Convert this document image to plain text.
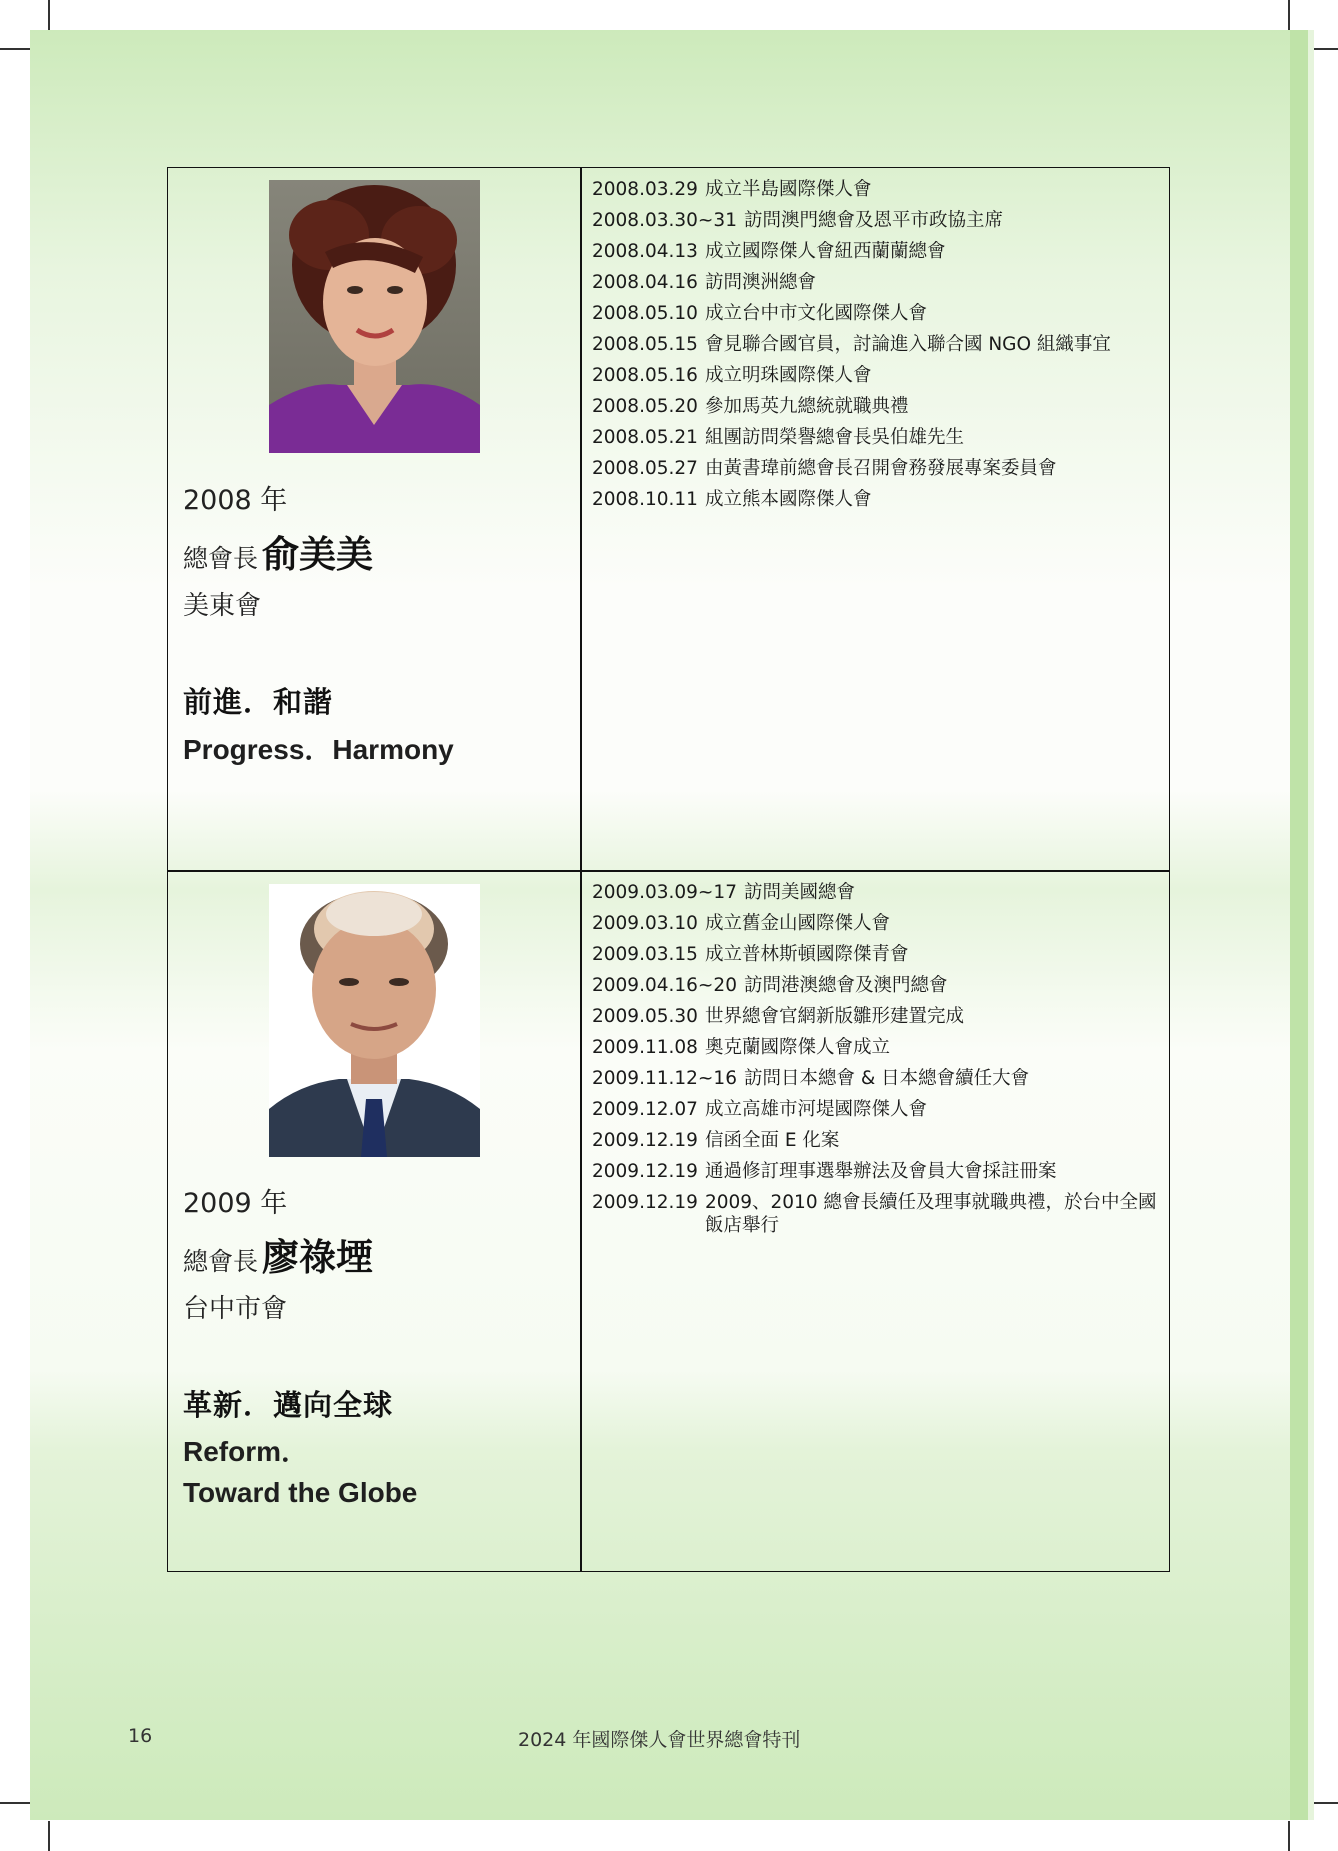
2008 年
總會長 俞美美
美東會
前進．和諧
Progress．Harmony
2008.03.29 成立半島國際傑人會
2008.03.30~31 訪問澳門總會及恩平市政協主席
2008.04.13 成立國際傑人會紐西蘭蘭總會
2008.04.16 訪問澳洲總會
2008.05.10 成立台中市文化國際傑人會
2008.05.15 會見聯合國官員，討論進入聯合國 NGO 組織事宜
2008.05.16 成立明珠國際傑人會
2008.05.20 參加馬英九總統就職典禮
2008.05.21 組團訪問榮譽總會長吳伯雄先生
2008.05.27 由黃書瑋前總會長召開會務發展專案委員會
2008.10.11 成立熊本國際傑人會
2009 年
總會長 廖祿堙
台中市會
革新．邁向全球
Reform．
Toward the Globe
2009.03.09~17 訪問美國總會
2009.03.10 成立舊金山國際傑人會
2009.03.15 成立普林斯頓國際傑青會
2009.04.16~20 訪問港澳總會及澳門總會
2009.05.30 世界總會官網新版雛形建置完成
2009.11.08 奧克蘭國際傑人會成立
2009.11.12~16 訪問日本總會 & 日本總會續任大會
2009.12.07 成立高雄市河堤國際傑人會
2009.12.19 信函全面 E 化案
2009.12.19 通過修訂理事選舉辦法及會員大會採註冊案
2009.12.19 2009、2010 總會長續任及理事就職典禮，於台中全國飯店舉行
16	2024 年國際傑人會世界總會特刊
